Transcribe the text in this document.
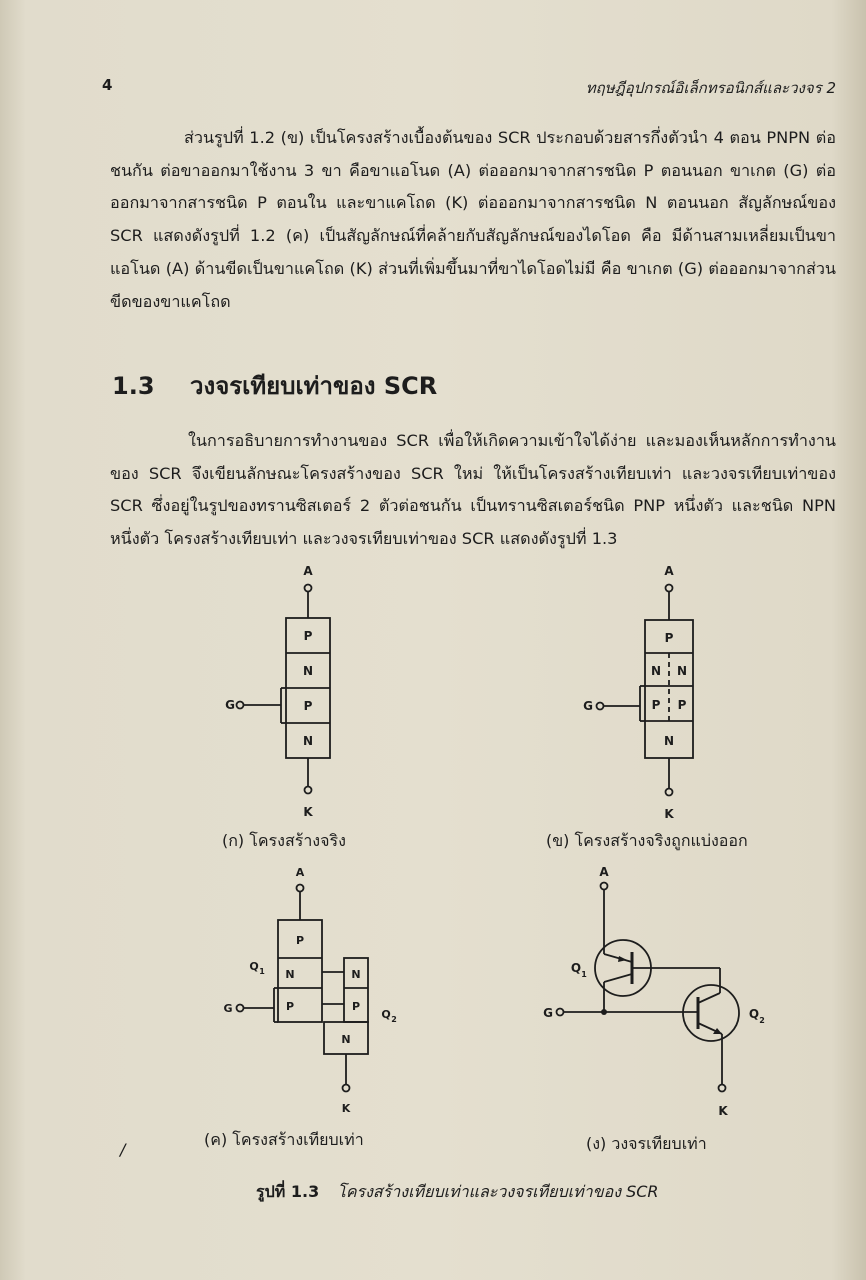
4	ทฤษฎีอุปกรณ์อิเล็กทรอนิกส์และวงจร 2

ส่วนรูปที่ 1.2 (ข) เป็นโครงสร้างเบื้องต้นของ SCR ประกอบด้วยสารกึ่งตัวนำ 4 ตอน PNPN ต่อชนกัน ต่อขาออกมาใช้งาน 3 ขา คือขาแอโนด (A) ต่อออกมาจากสารชนิด P ตอนนอก ขาเกต (G) ต่อออกมาจากสารชนิด P ตอนใน และขาแคโถด (K) ต่อออกมาจากสารชนิด N ตอนนอก สัญลักษณ์ของ SCR แสดงดังรูปที่ 1.2 (ค) เป็นสัญลักษณ์ที่คล้ายกับสัญลักษณ์ของไดโอด คือ มีด้านสามเหลี่ยมเป็นขาแอโนด (A) ด้านขีดเป็นขาแคโถด (K) ส่วนที่เพิ่มขึ้นมาที่ขาไดโอดไม่มี คือ ขาเกต (G) ต่อออกมาจากส่วนขีดของขาแคโถด

1.3 วงจรเทียบเท่าของ SCR

ในการอธิบายการทำงานของ SCR เพื่อให้เกิดความเข้าใจได้ง่าย และมองเห็นหลักการทำงานของ SCR จึงเขียนลักษณะโครงสร้างของ SCR ใหม่ ให้เป็นโครงสร้างเทียบเท่า และวงจรเทียบเท่าของ SCR ซึ่งอยู่ในรูปของทรานซิสเตอร์ 2 ตัวต่อชนกัน เป็นทรานซิสเตอร์ชนิด PNP หนึ่งตัว และชนิด NPN หนึ่งตัว โครงสร้างเทียบเท่า และวงจรเทียบเท่าของ SCR แสดงดังรูปที่ 1.3

A
P
N
P
N
G
K
(ก) โครงสร้างจริง
A
P
N N
P P
N
G
K
(ข) โครงสร้างจริงถูกแบ่งออก
A
P
N
P
N
P
N
G
K
Q 1
Q 2
(ค) โครงสร้างเทียบเท่า
A
G
K
Q 1
Q 2
(ง) วงจรเทียบเท่า
/
รูปที่ 1.3 โครงสร้างเทียบเท่าและวงจรเทียบเท่าของ SCR
